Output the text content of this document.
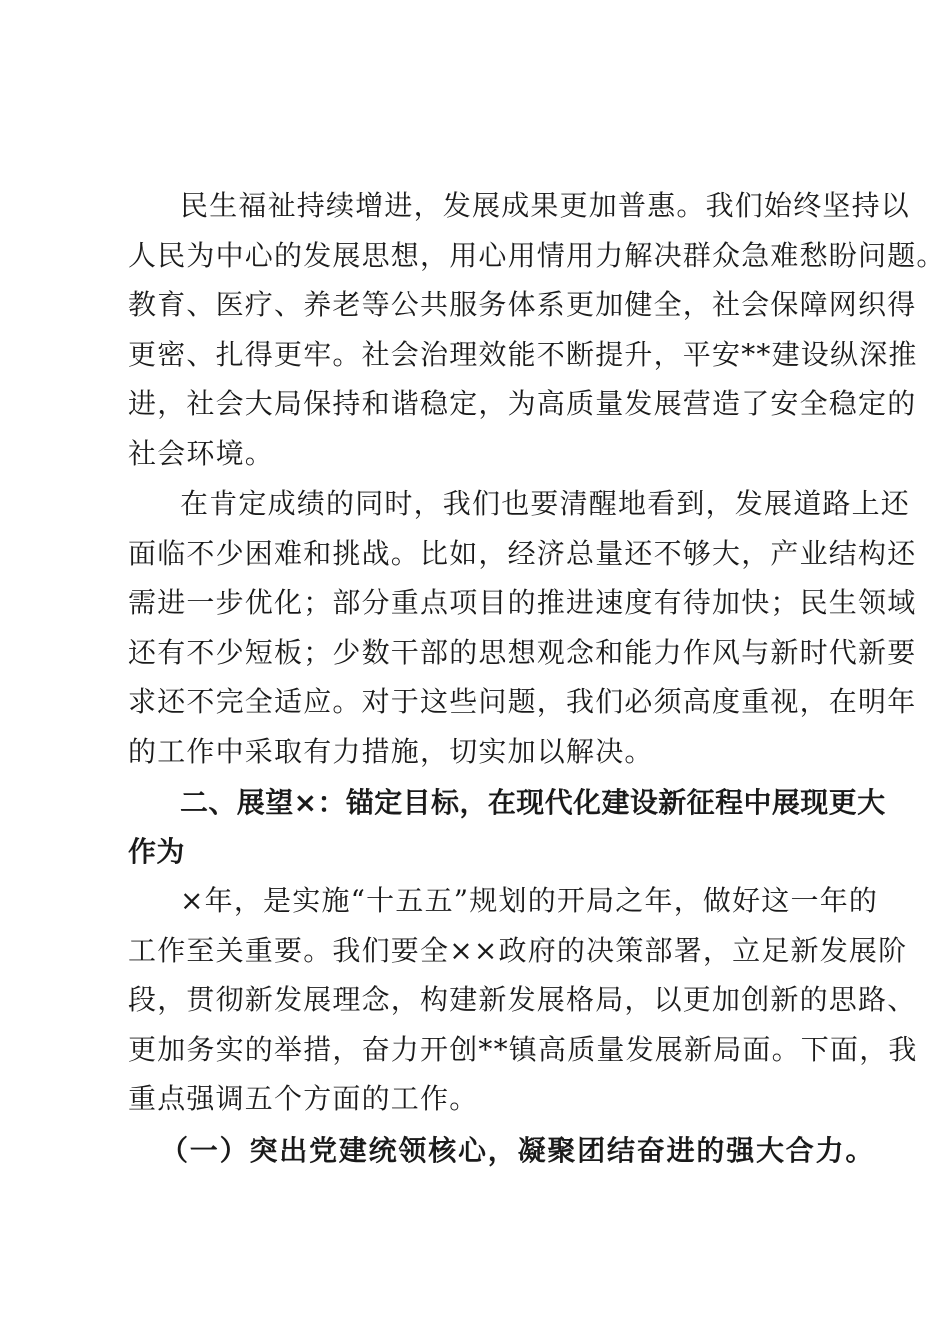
民生福祉持续增进，发展成果更加普惠。我们始终坚持以
人民为中心的发展思想，用心用情用力解决群众急难愁盼问题。
教育、医疗、养老等公共服务体系更加健全，社会保障网织得
更密、扎得更牢。社会治理效能不断提升，平安**建设纵深推
进，社会大局保持和谐稳定，为高质量发展营造了安全稳定的
社会环境。
在肯定成绩的同时，我们也要清醒地看到，发展道路上还
面临不少困难和挑战。比如，经济总量还不够大，产业结构还
需进一步优化；部分重点项目的推进速度有待加快；民生领域
还有不少短板；少数干部的思想观念和能力作风与新时代新要
求还不完全适应。对于这些问题，我们必须高度重视，在明年
的工作中采取有力措施，切实加以解决。
二、展望×：锚定目标，在现代化建设新征程中展现更大
作为
×年，是实施“十五五”规划的开局之年，做好这一年的
工作至关重要。我们要全××政府的决策部署，立足新发展阶
段，贯彻新发展理念，构建新发展格局，以更加创新的思路、
更加务实的举措，奋力开创**镇高质量发展新局面。下面，我
重点强调五个方面的工作。
（一）突出党建统领核心，凝聚团结奋进的强大合力。
